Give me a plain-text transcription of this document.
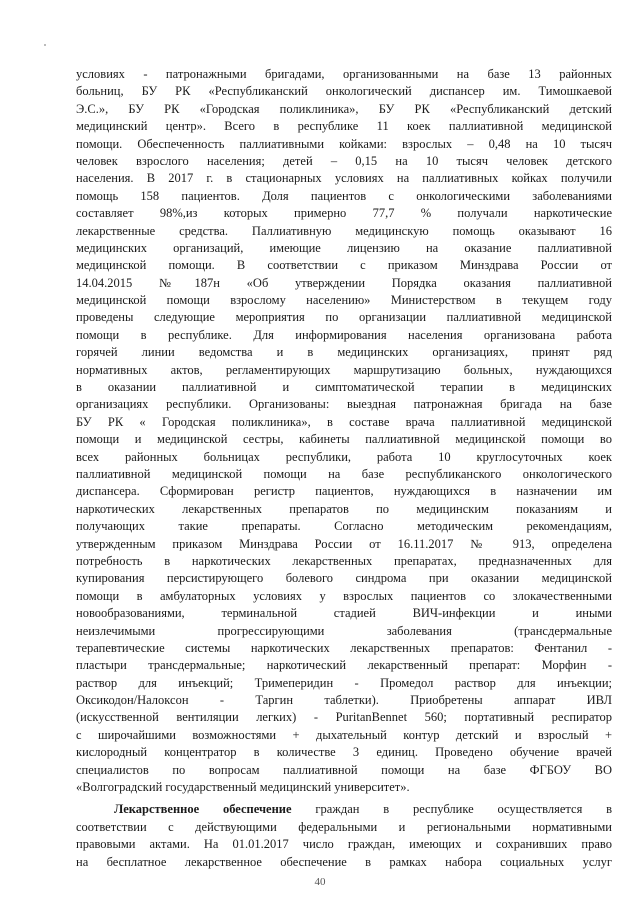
условиях - патронажными бригадами, организованными на базе 13 районных
больниц, БУ РК «Республиканский онкологический диспансер им. Тимошкаевой
Э.С.», БУ РК «Городская поликлиника», БУ РК «Республиканский детский
медицинский центр». Всего в республике 11 коек паллиативной медицинской
помощи. Обеспеченность паллиативными койками: взрослых – 0,48 на 10 тысяч
человек взрослого населения; детей – 0,15 на 10 тысяч человек детского
населения. В 2017 г. в стационарных условиях на паллиативных койках получили
помощь 158 пациентов. Доля пациентов с онкологическими заболеваниями
составляет 98%,из которых примерно 77,7 % получали наркотические
лекарственные средства. Паллиативную медицинскую помощь оказывают 16
медицинских организаций, имеющие лицензию на оказание паллиативной
медицинской помощи. В соответствии с приказом Минздрава России от
14.04.2015 №187н «Об утверждении Порядка оказания паллиативной
медицинской помощи взрослому населению» Министерством в текущем году
проведены следующие мероприятия по организации паллиативной медицинской
помощи в республике. Для информирования населения организована работа
горячей линии ведомства и в медицинских организациях, принят ряд
нормативных актов, регламентирующих маршрутизацию больных, нуждающихся
в оказании паллиативной и симптоматической терапии в медицинских
организациях республики. Организованы: выездная патронажная бригада на базе
БУ РК « Городская поликлиника», в составе врача паллиативной медицинской
помощи и медицинской сестры, кабинеты паллиативной медицинской помощи во
всех районных больницах республики, работа 10 круглосуточных коек
паллиативной медицинской помощи на базе республиканского онкологического
диспансера. Сформирован регистр пациентов, нуждающихся в назначении им
наркотических лекарственных препаратов по медицинским показаниям и
получающих такие препараты. Согласно методическим рекомендациям,
утвержденным приказом Минздрава России от 16.11.2017 № 913, определена
потребность в наркотических лекарственных препаратах, предназначенных для
купирования персистирующего болевого синдрома при оказании медицинской
помощи в амбулаторных условиях у взрослых пациентов со злокачественными
новообразованиями, терминальной стадией ВИЧ-инфекции и иными
неизлечимыми прогрессирующими заболевания (трансдермальные
терапевтические системы наркотических лекарственных препаратов: Фентанил -
пластыри трансдермальные; наркотический лекарственный препарат: Морфин -
раствор для инъекций; Тримеперидин - Промедол раствор для инъекции;
Оксикодон/Налоксон - Таргин таблетки). Приобретены аппарат ИВЛ
(искусственной вентиляции легких) - PuritanBennet 560; портативный респиратор
с широчайшими возможностями + дыхательный контур детский и взрослый +
кислородный концентратор в количестве 3 единиц. Проведено обучение врачей
специалистов по вопросам паллиативной помощи на базе ФГБОУ ВО
«Волгоградский государственный медицинский университет».
Лекарственное обеспечение граждан в республике осуществляется в
соответствии с действующими федеральными и региональными нормативными
правовыми актами. На 01.01.2017 число граждан, имеющих и сохранивших право
на бесплатное лекарственное обеспечение в рамках набора социальных услуг
40
